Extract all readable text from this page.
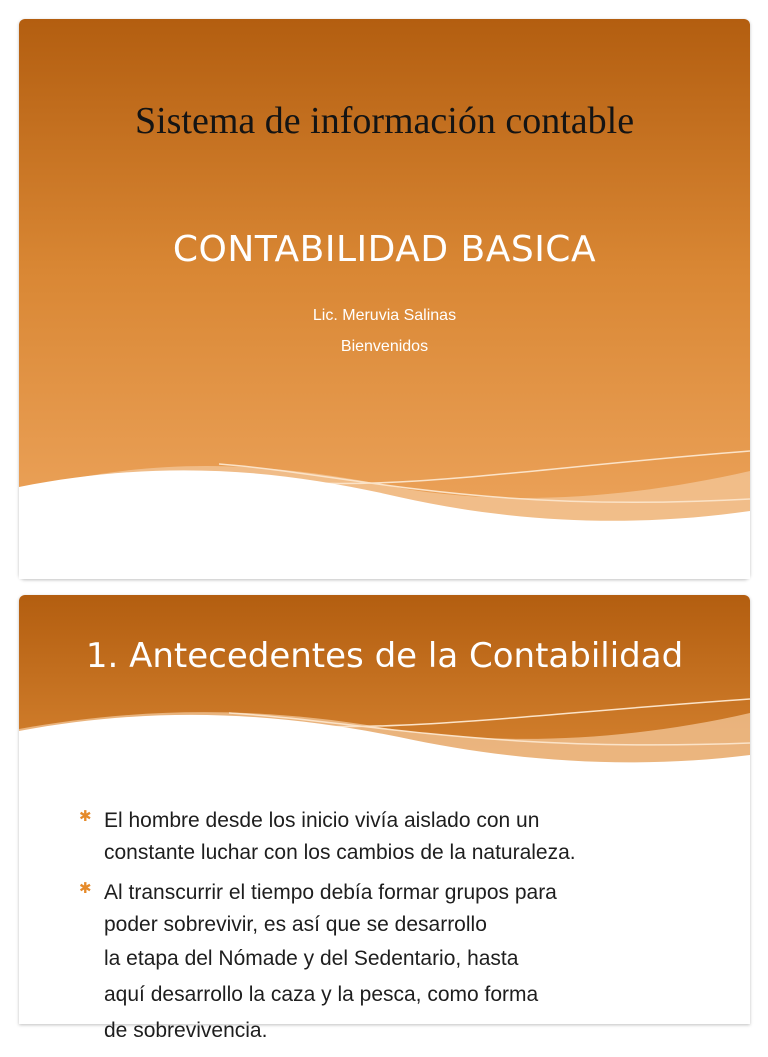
Sistema de información contable
CONTABILIDAD BASICA

Lic. Meruvia Salinas

Bienvenidos

1. Antecedentes de la Contabilidad
✱ El hombre desde los inicio vivía aislado con un
constante luchar con los cambios de la naturaleza.
✱ Al transcurrir el tiempo debía formar grupos para
poder sobrevivir, es así que se desarrollo
la etapa del Nómade y del Sedentario, hasta
aquí desarrollo la caza y la pesca, como forma
de sobrevivencia.
